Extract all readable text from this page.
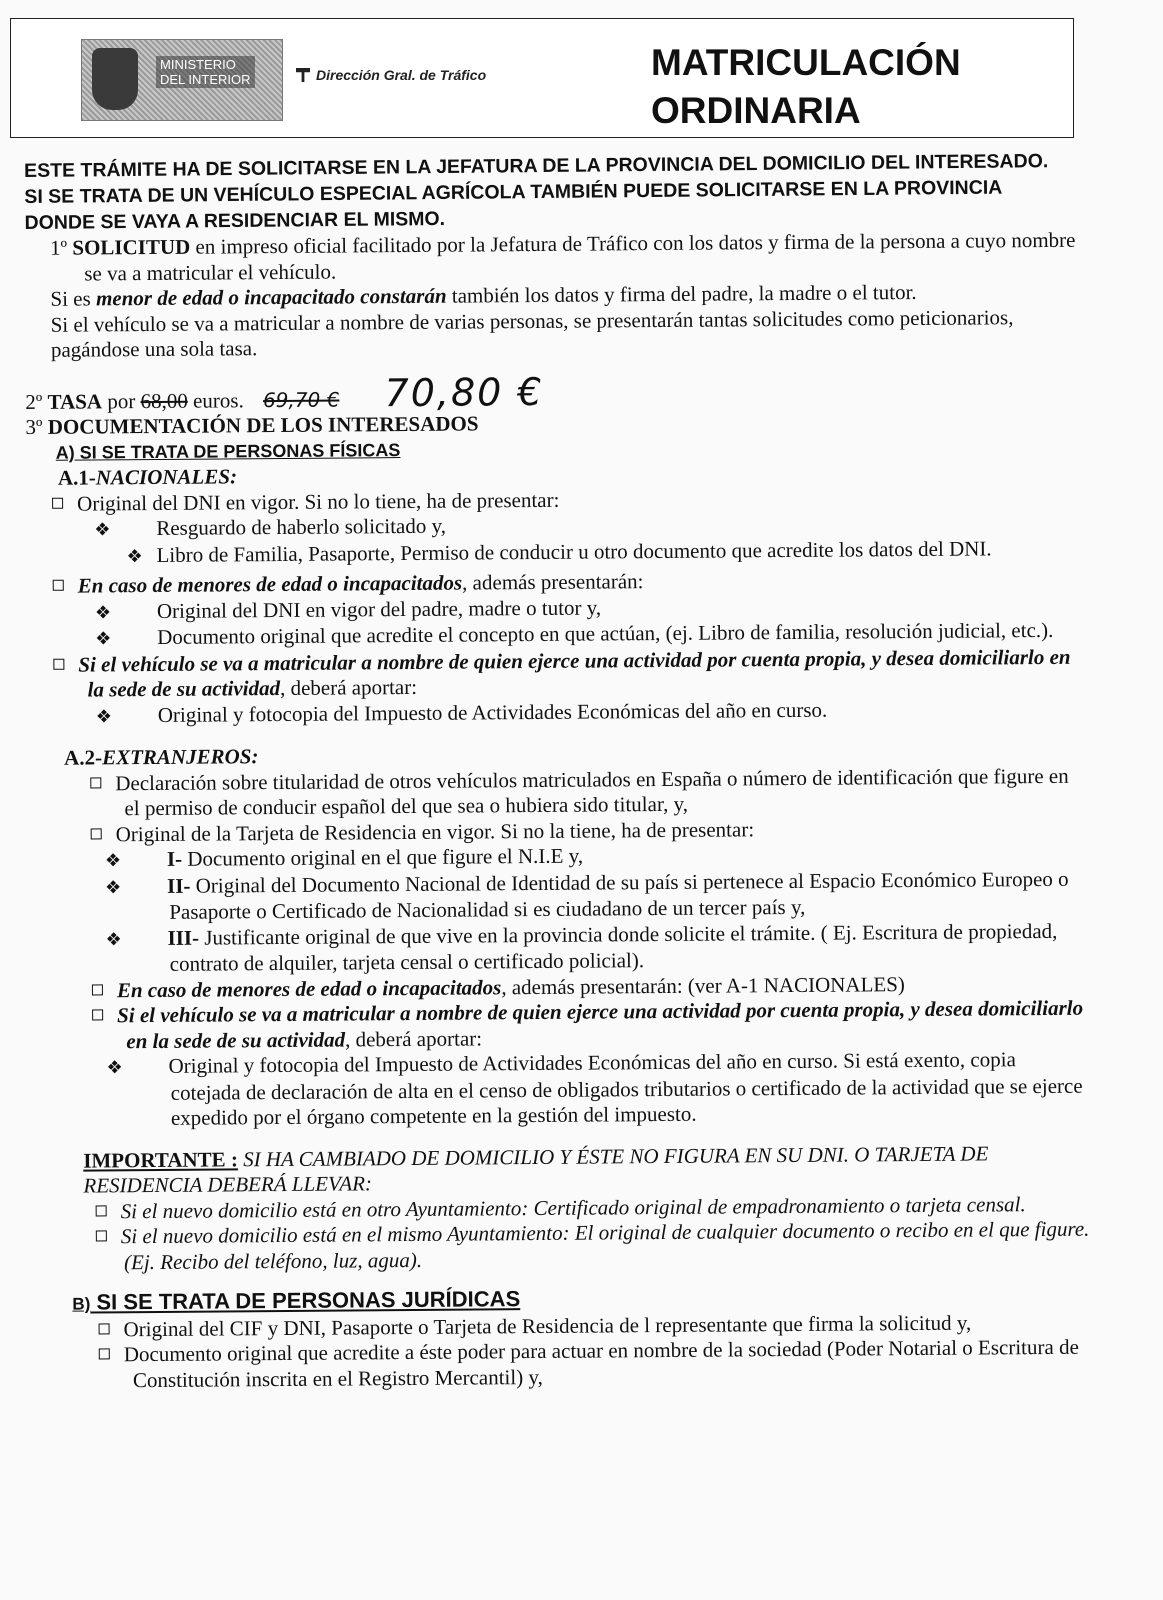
MINISTERIO
DEL INTERIOR	Dirección Gral. de Tráfico	MATRICULACIÓN
ORDINARIA
ESTE TRÁMITE HA DE SOLICITARSE EN LA JEFATURA DE LA PROVINCIA DEL DOMICILIO DEL INTERESADO. SI SE TRATA DE UN VEHÍCULO ESPECIAL AGRÍCOLA TAMBIÉN PUEDE SOLICITARSE EN LA PROVINCIA DONDE SE VAYA A RESIDENCIAR EL MISMO.

1º SOLICITUD en impreso oficial facilitado por la Jefatura de Tráfico con los datos y firma de la persona a cuyo nombre se va a matricular el vehículo.

Si es menor de edad o incapacitado constarán también los datos y firma del padre, la madre o el tutor.

Si el vehículo se va a matricular a nombre de varias personas, se presentarán tantas solicitudes como peticionarios, pagándose una sola tasa.

2º TASA por 68,00 euros. 69,70 € 70,80 €

3º DOCUMENTACIÓN DE LOS INTERESADOS

A) SI SE TRATA DE PERSONAS FÍSICAS

A.1-NACIONALES:

Original del DNI en vigor. Si no lo tiene, ha de presentar:

❖ Resguardo de haberlo solicitado y,

❖ Libro de Familia, Pasaporte, Permiso de conducir u otro documento que acredite los datos del DNI.

En caso de menores de edad o incapacitados, además presentarán:

❖ Original del DNI en vigor del padre, madre o tutor y,

❖ Documento original que acredite el concepto en que actúan, (ej. Libro de familia, resolución judicial, etc.).

Si el vehículo se va a matricular a nombre de quien ejerce una actividad por cuenta propia, y desea domiciliarlo en la sede de su actividad, deberá aportar:

❖ Original y fotocopia del Impuesto de Actividades Económicas del año en curso.

A.2-EXTRANJEROS:

Declaración sobre titularidad de otros vehículos matriculados en España o número de identificación que figure en el permiso de conducir español del que sea o hubiera sido titular, y,

Original de la Tarjeta de Residencia en vigor. Si no la tiene, ha de presentar:

❖ I- Documento original en el que figure el N.I.E y,

❖ II- Original del Documento Nacional de Identidad de su país si pertenece al Espacio Económico Europeo o Pasaporte o Certificado de Nacionalidad si es ciudadano de un tercer país y,

❖ III- Justificante original de que vive en la provincia donde solicite el trámite. ( Ej. Escritura de propiedad, contrato de alquiler, tarjeta censal o certificado policial).

En caso de menores de edad o incapacitados, además presentarán: (ver A-1 NACIONALES)

Si el vehículo se va a matricular a nombre de quien ejerce una actividad por cuenta propia, y desea domiciliarlo en la sede de su actividad, deberá aportar:

❖ Original y fotocopia del Impuesto de Actividades Económicas del año en curso. Si está exento, copia cotejada de declaración de alta en el censo de obligados tributarios o certificado de la actividad que se ejerce expedido por el órgano competente en la gestión del impuesto.

IMPORTANTE : SI HA CAMBIADO DE DOMICILIO Y ÉSTE NO FIGURA EN SU DNI. O TARJETA DE RESIDENCIA DEBERÁ LLEVAR:

Si el nuevo domicilio está en otro Ayuntamiento: Certificado original de empadronamiento o tarjeta censal.

Si el nuevo domicilio está en el mismo Ayuntamiento: El original de cualquier documento o recibo en el que figure. (Ej. Recibo del teléfono, luz, agua).

B) SI SE TRATA DE PERSONAS JURÍDICAS

Original del CIF y DNI, Pasaporte o Tarjeta de Residencia de l representante que firma la solicitud y,

Documento original que acredite a éste poder para actuar en nombre de la sociedad (Poder Notarial o Escritura de Constitución inscrita en el Registro Mercantil) y,
